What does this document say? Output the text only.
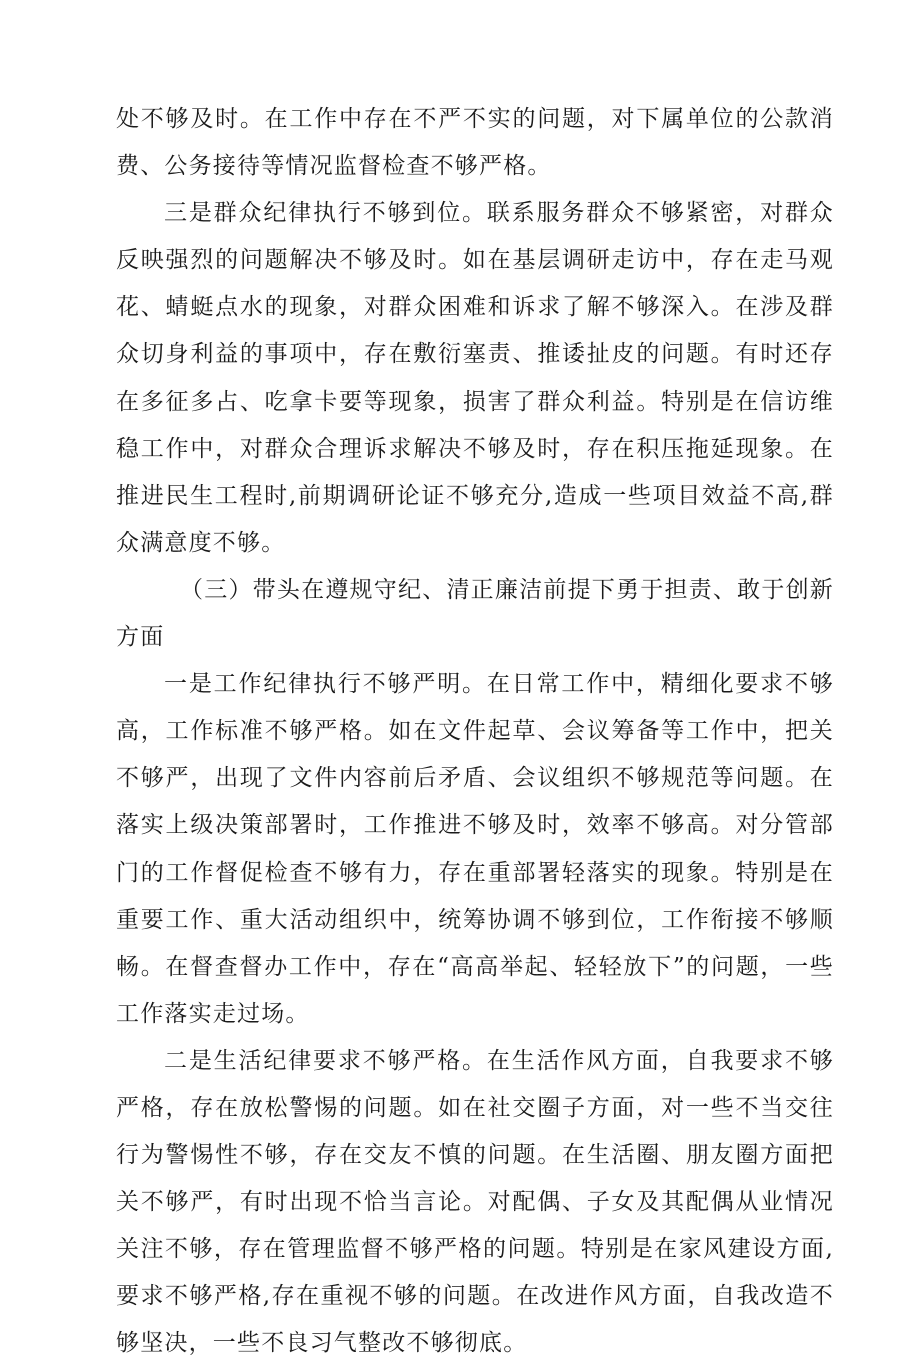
处不够及时。在工作中存在不严不实的问题，对下属单位的公款消费、公务接待等情况监督检查不够严格。

三是群众纪律执行不够到位。联系服务群众不够紧密，对群众反映强烈的问题解决不够及时。如在基层调研走访中，存在走马观花、蜻蜓点水的现象，对群众困难和诉求了解不够深入。在涉及群众切身利益的事项中，存在敷衍塞责、推诿扯皮的问题。有时还存在多征多占、吃拿卡要等现象，损害了群众利益。特别是在信访维稳工作中，对群众合理诉求解决不够及时，存在积压拖延现象。在推进民生工程时,前期调研论证不够充分,造成一些项目效益不高,群众满意度不够。

（三）带头在遵规守纪、清正廉洁前提下勇于担责、敢于创新方面

一是工作纪律执行不够严明。在日常工作中，精细化要求不够高，工作标准不够严格。如在文件起草、会议筹备等工作中，把关不够严，出现了文件内容前后矛盾、会议组织不够规范等问题。在落实上级决策部署时，工作推进不够及时，效率不够高。对分管部门的工作督促检查不够有力，存在重部署轻落实的现象。特别是在重要工作、重大活动组织中，统筹协调不够到位，工作衔接不够顺畅。在督查督办工作中，存在“高高举起、轻轻放下”的问题，一些工作落实走过场。

二是生活纪律要求不够严格。在生活作风方面，自我要求不够严格，存在放松警惕的问题。如在社交圈子方面，对一些不当交往行为警惕性不够，存在交友不慎的问题。在生活圈、朋友圈方面把关不够严，有时出现不恰当言论。对配偶、子女及其配偶从业情况关注不够，存在管理监督不够严格的问题。特别是在家风建设方面,要求不够严格,存在重视不够的问题。在改进作风方面，自我改造不够坚决，一些不良习气整改不够彻底。
